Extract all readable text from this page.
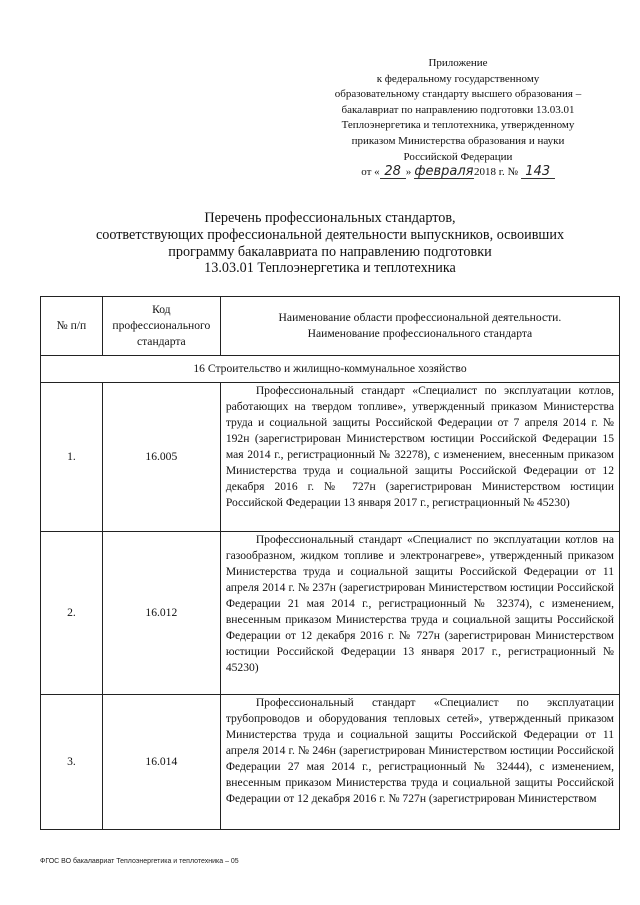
Приложение
к федеральному государственному
образовательному стандарту высшего образования –
бакалавриат по направлению подготовки 13.03.01
Теплоэнергетика и теплотехника, утвержденному
приказом Министерства образования и науки
Российской Федерации
от « 28 » февраля2018 г. № 143
Перечень профессиональных стандартов,
соответствующих профессиональной деятельности выпускников, освоивших
программу бакалавриата по направлению подготовки
13.03.01 Теплоэнергетика и теплотехника
№ п/п	Код профессионального стандарта	Наименование области профессиональной деятельности.
Наименование профессионального стандарта

16 Строительство и жилищно-коммунальное хозяйство		
1.	16.005	Профессиональный стандарт «Специалист по эксплуатации котлов, работающих на твердом топливе», утвержденный приказом Министерства труда и социальной защиты Российской Федерации от 7 апреля 2014 г. № 192н (зарегистрирован Министерством юстиции Российской Федерации 15 мая 2014 г., регистрационный № 32278), с изменением, внесенным приказом Министерства труда и социальной защиты Российской Федерации от 12 декабря 2016 г. № 727н (зарегистрирован Министерством юстиции Российской Федерации 13 января 2017 г., регистрационный № 45230)
2.	16.012	Профессиональный стандарт «Специалист по эксплуатации котлов на газообразном, жидком топливе и электронагреве», утвержденный приказом Министерства труда и социальной защиты Российской Федерации от 11 апреля 2014 г. № 237н (зарегистрирован Министерством юстиции Российской Федерации 21 мая 2014 г., регистрационный № 32374), с изменением, внесенным приказом Министерства труда и социальной защиты Российской Федерации от 12 декабря 2016 г. № 727н (зарегистрирован Министерством юстиции Российской Федерации 13 января 2017 г., регистрационный № 45230)
3.	16.014	Профессиональный стандарт «Специалист по эксплуатации трубопроводов и оборудования тепловых сетей», утвержденный приказом Министерства труда и социальной защиты Российской Федерации от 11 апреля 2014 г. № 246н (зарегистрирован Министерством юстиции Российской Федерации 27 мая 2014 г., регистрационный № 32444), с изменением, внесенным приказом Министерства труда и социальной защиты Российской Федерации от 12 декабря 2016 г. № 727н (зарегистрирован Министерством
ФГОС ВО бакалавриат Теплоэнергетика и теплотехника – 05
